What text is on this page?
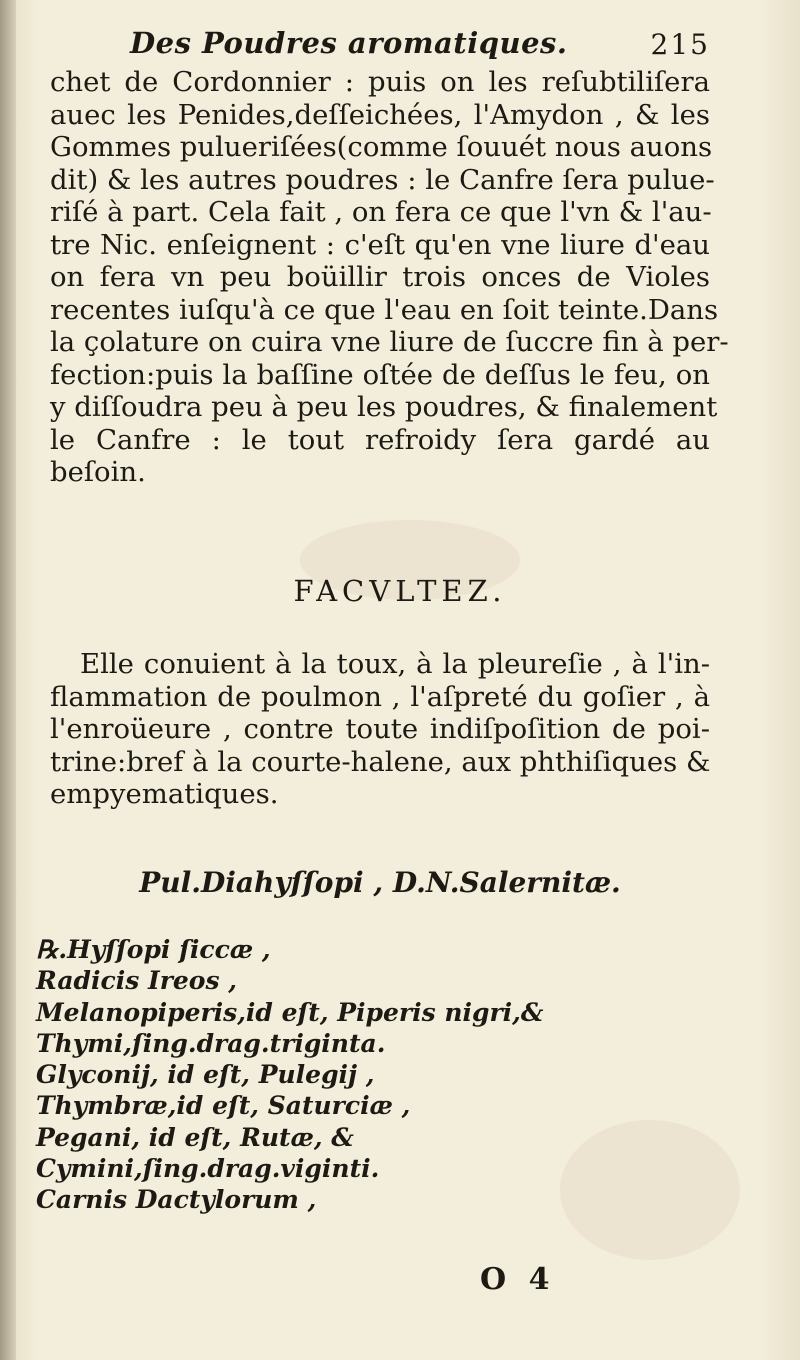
Des Poudres aromatiques.	215
chet de Cordonnier : puis on les reſubtiliſera
auec les Penides,deſſeichées, l'Amydon , & les
Gommes pulueriſées(comme ſouuét nous auons
dit) & les autres poudres : le Canfre ſera pulue-
riſé à part. Cela fait , on fera ce que l'vn & l'au-
tre Nic. enſeignent : c'eſt qu'en vne liure d'eau
on fera vn peu boüillir trois onces de Violes
recentes iuſqu'à ce que l'eau en ſoit teinte.Dans
la çolature on cuira vne liure de ſuccre fin à per-
fection:puis la baſſine oſtée de deſſus le feu, on
y diſſoudra peu à peu les poudres, & finalement
le Canfre : le tout refroidy ſera gardé au
beſoin.
FACVLTEZ.
Elle conuient à la toux, à la pleureſie , à l'in-
flammation de poulmon , l'aſpreté du goſier , à
l'enroüeure , contre toute indiſpoſition de poi-
trine:bref à la courte-halene, aux phthiſiques &
empyematiques.
Pul.Diahyſſopi , D.N.Salernitæ.
℞.Hyſſopi ſiccæ ,
Radicis Ireos ,
Melanopiperis,id eſt, Piperis nigri,&
Thymi,ſing.drag.triginta.
Glyconij, id eſt, Pulegij ,
Thymbræ,id eſt, Saturciæ ,
Pegani, id eſt, Rutæ, &
Cymini,ſing.drag.viginti.
Carnis Dactylorum ,
O 4
